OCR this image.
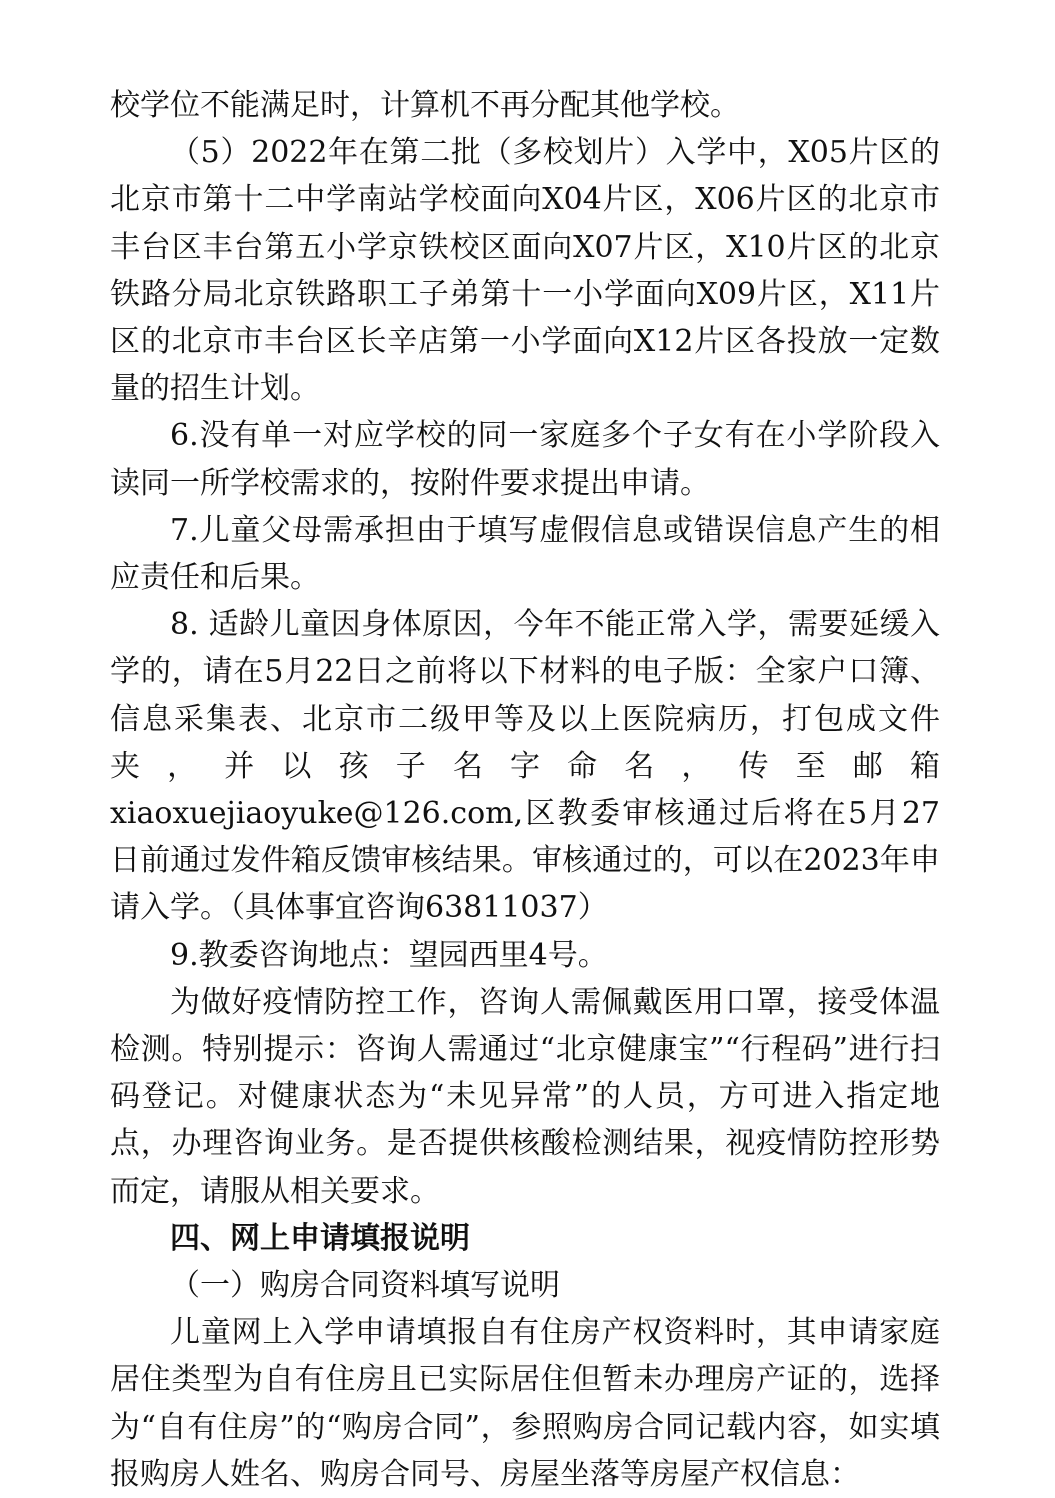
校学位不能满足时，计算机不再分配其他学校。

（5）2022年在第二批（多校划片）入学中，X05片区的北京市第十二中学南站学校面向X04片区，X06片区的北京市丰台区丰台第五小学京铁校区面向X07片区，X10片区的北京铁路分局北京铁路职工子弟第十一小学面向X09片区，X11片区的北京市丰台区长辛店第一小学面向X12片区各投放一定数量的招生计划。

6.没有单一对应学校的同一家庭多个子女有在小学阶段入读同一所学校需求的，按附件要求提出申请。

7.儿童父母需承担由于填写虚假信息或错误信息产生的相应责任和后果。

8. 适龄儿童因身体原因，今年不能正常入学，需要延缓入学的，请在5月22日之前将以下材料的电子版：全家户口簿、信息采集表、北京市二级甲等及以上医院病历，打包成文件夹，并以孩子名字命名，传至邮箱 xiaoxuejiaoyuke@126.com,区教委审核通过后将在5月27日前通过发件箱反馈审核结果。审核通过的，可以在2023年申请入学。（具体事宜咨询63811037）

9.教委咨询地点：望园西里4号。

为做好疫情防控工作，咨询人需佩戴医用口罩，接受体温检测。特别提示：咨询人需通过“北京健康宝”“行程码”进行扫码登记。对健康状态为“未见异常”的人员，方可进入指定地点，办理咨询业务。是否提供核酸检测结果，视疫情防控形势而定，请服从相关要求。

四、网上申请填报说明

（一）购房合同资料填写说明

儿童网上入学申请填报自有住房产权资料时，其申请家庭居住类型为自有住房且已实际居住但暂未办理房产证的，选择为“自有住房”的“购房合同”，参照购房合同记载内容，如实填报购房人姓名、购房合同号、房屋坐落等房屋产权信息：
